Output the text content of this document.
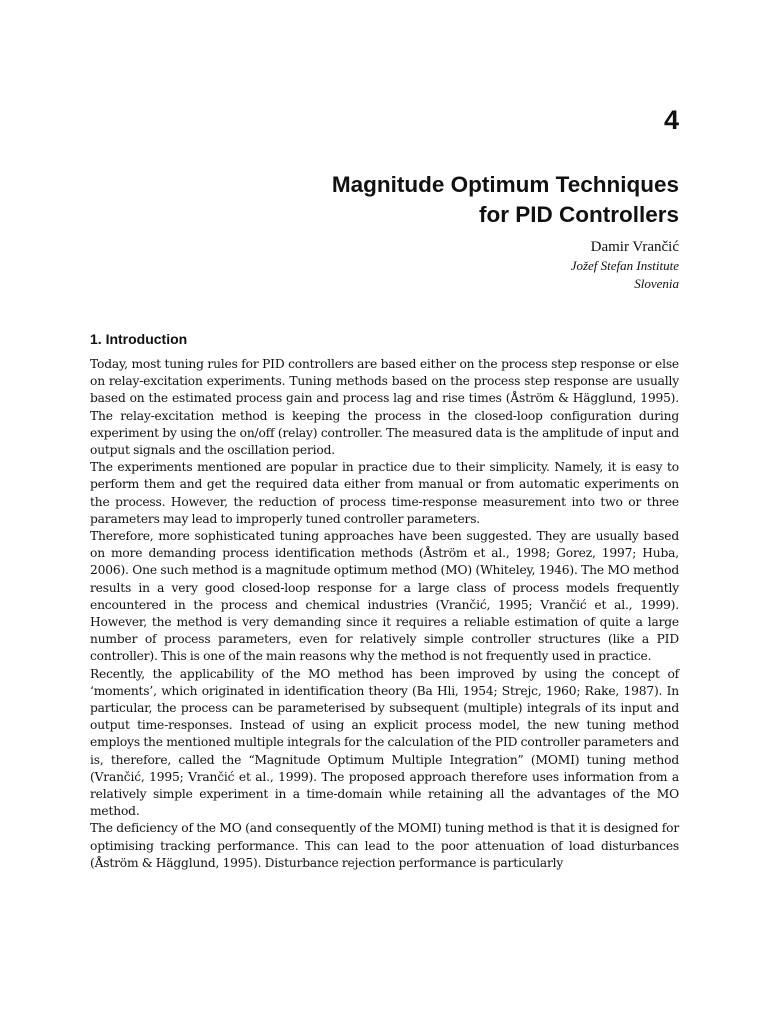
4
Magnitude Optimum Techniques
for PID Controllers
Damir Vrančić
Jožef Stefan Institute
Slovenia
1. Introduction

Today, most tuning rules for PID controllers are based either on the process step response or else on relay-excitation experiments. Tuning methods based on the process step response are usually based on the estimated process gain and process lag and rise times (Åström & Hägglund, 1995). The relay-excitation method is keeping the process in the closed-loop configuration during experiment by using the on/off (relay) controller. The measured data is the amplitude of input and output signals and the oscillation period.

The experiments mentioned are popular in practice due to their simplicity. Namely, it is easy to perform them and get the required data either from manual or from automatic experiments on the process. However, the reduction of process time-response measurement into two or three parameters may lead to improperly tuned controller parameters.

Therefore, more sophisticated tuning approaches have been suggested. They are usually based on more demanding process identification methods (Åström et al., 1998; Gorez, 1997; Huba, 2006). One such method is a magnitude optimum method (MO) (Whiteley, 1946). The MO method results in a very good closed-loop response for a large class of process models frequently encountered in the process and chemical industries (Vrančić, 1995; Vrančić et al., 1999). However, the method is very demanding since it requires a reliable estimation of quite a large number of process parameters, even for relatively simple controller structures (like a PID controller). This is one of the main reasons why the method is not frequently used in practice.

Recently, the applicability of the MO method has been improved by using the concept of ‘moments’, which originated in identification theory (Ba Hli, 1954; Strejc, 1960; Rake, 1987). In particular, the process can be parameterised by subsequent (multiple) integrals of its input and output time-responses. Instead of using an explicit process model, the new tuning method employs the mentioned multiple integrals for the calculation of the PID controller parameters and is, therefore, called the “Magnitude Optimum Multiple Integration” (MOMI) tuning method (Vrančić, 1995; Vrančić et al., 1999). The proposed approach therefore uses information from a relatively simple experiment in a time-domain while retaining all the advantages of the MO method.

The deficiency of the MO (and consequently of the MOMI) tuning method is that it is designed for optimising tracking performance. This can lead to the poor attenuation of load disturbances (Åström & Hägglund, 1995). Disturbance rejection performance is particularly
